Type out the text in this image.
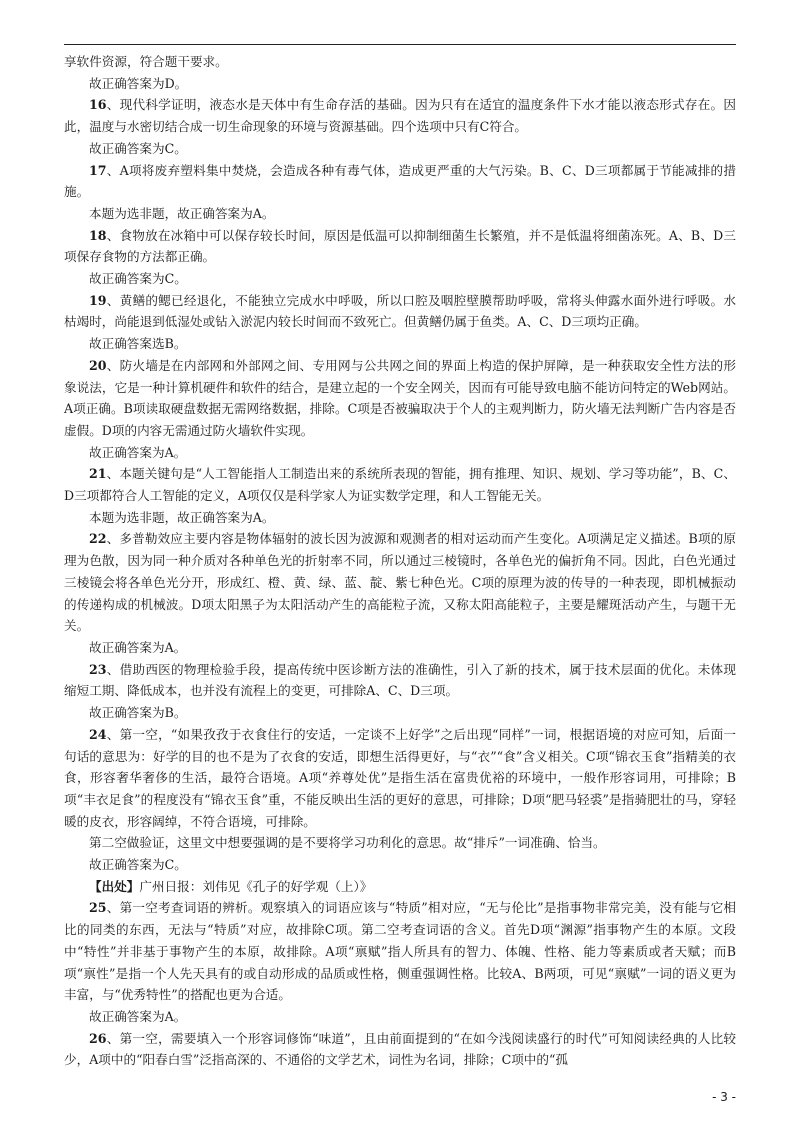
享软件资源，符合题干要求。

故正确答案为D。

16、现代科学证明，液态水是天体中有生命存活的基础。因为只有在适宜的温度条件下水才能以液态形式存在。因此，温度与水密切结合成一切生命现象的环境与资源基础。四个选项中只有C符合。

故正确答案为C。

17、A项将废弃塑料集中焚烧，会造成各种有毒气体，造成更严重的大气污染。B、C、D三项都属于节能减排的措施。

本题为选非题，故正确答案为A。

18、食物放在冰箱中可以保存较长时间，原因是低温可以抑制细菌生长繁殖，并不是低温将细菌冻死。A、B、D三项保存食物的方法都正确。

故正确答案为C。

19、黄鳝的鳃已经退化，不能独立完成水中呼吸，所以口腔及咽腔壁膜帮助呼吸，常将头伸露水面外进行呼吸。水枯竭时，尚能退到低湿处或钻入淤泥内较长时间而不致死亡。但黄鳝仍属于鱼类。A、C、D三项均正确。

故正确答案选B。

20、防火墙是在内部网和外部网之间、专用网与公共网之间的界面上构造的保护屏障，是一种获取安全性方法的形象说法，它是一种计算机硬件和软件的结合，是建立起的一个安全网关，因而有可能导致电脑不能访问特定的Web网站。A项正确。B项读取硬盘数据无需网络数据，排除。C项是否被骗取决于个人的主观判断力，防火墙无法判断广告内容是否虚假。D项的内容无需通过防火墙软件实现。

故正确答案为A。

21、本题关键句是“人工智能指人工制造出来的系统所表现的智能，拥有推理、知识、规划、学习等功能”，B、C、D三项都符合人工智能的定义，A项仅仅是科学家人为证实数学定理，和人工智能无关。

本题为选非题，故正确答案为A。

22、多普勒效应主要内容是物体辐射的波长因为波源和观测者的相对运动而产生变化。A项满足定义描述。B项的原理为色散，因为同一种介质对各种单色光的折射率不同，所以通过三棱镜时，各单色光的偏折角不同。因此，白色光通过三棱镜会将各单色光分开，形成红、橙、黄、绿、蓝、靛、紫七种色光。C项的原理为波的传导的一种表现，即机械振动的传递构成的机械波。D项太阳黑子为太阳活动产生的高能粒子流，又称太阳高能粒子，主要是耀斑活动产生，与题干无关。

故正确答案为A。

23、借助西医的物理检验手段，提高传统中医诊断方法的准确性，引入了新的技术，属于技术层面的优化。未体现缩短工期、降低成本，也并没有流程上的变更，可排除A、C、D三项。

故正确答案为B。

24、第一空，“如果孜孜于衣食住行的安适，一定谈不上好学”之后出现“同样”一词，根据语境的对应可知，后面一句话的意思为：好学的目的也不是为了衣食的安适，即想生活得更好，与“衣”“食”含义相关。C项“锦衣玉食”指精美的衣食，形容奢华奢侈的生活，最符合语境。A项“养尊处优”是指生活在富贵优裕的环境中，一般作形容词用，可排除；B项“丰衣足食”的程度没有“锦衣玉食”重，不能反映出生活的更好的意思，可排除；D项“肥马轻裘”是指骑肥壮的马，穿轻暖的皮衣，形容阔绰，不符合语境，可排除。

第二空做验证，这里文中想要强调的是不要将学习功利化的意思。故“排斥”一词准确、恰当。

故正确答案为C。

【出处】广州日报：刘伟见《孔子的好学观（上）》

25、第一空考查词语的辨析。观察填入的词语应该与“特质”相对应，“无与伦比”是指事物非常完美，没有能与它相比的同类的东西，无法与“特质”对应，故排除C项。第二空考查词语的含义。首先D项“渊源”指事物产生的本原。文段中“特性”并非基于事物产生的本原，故排除。A项“禀赋”指人所具有的智力、体魄、性格、能力等素质或者天赋；而B项“禀性”是指一个人先天具有的或自动形成的品质或性格，侧重强调性格。比较A、B两项，可见“禀赋”一词的语义更为丰富，与“优秀特性”的搭配也更为合适。

故正确答案为A。

26、第一空，需要填入一个形容词修饰“味道”，且由前面提到的“在如今浅阅读盛行的时代”可知阅读经典的人比较少，A项中的“阳春白雪”泛指高深的、不通俗的文学艺术，词性为名词，排除；C项中的“孤

- 3 -
